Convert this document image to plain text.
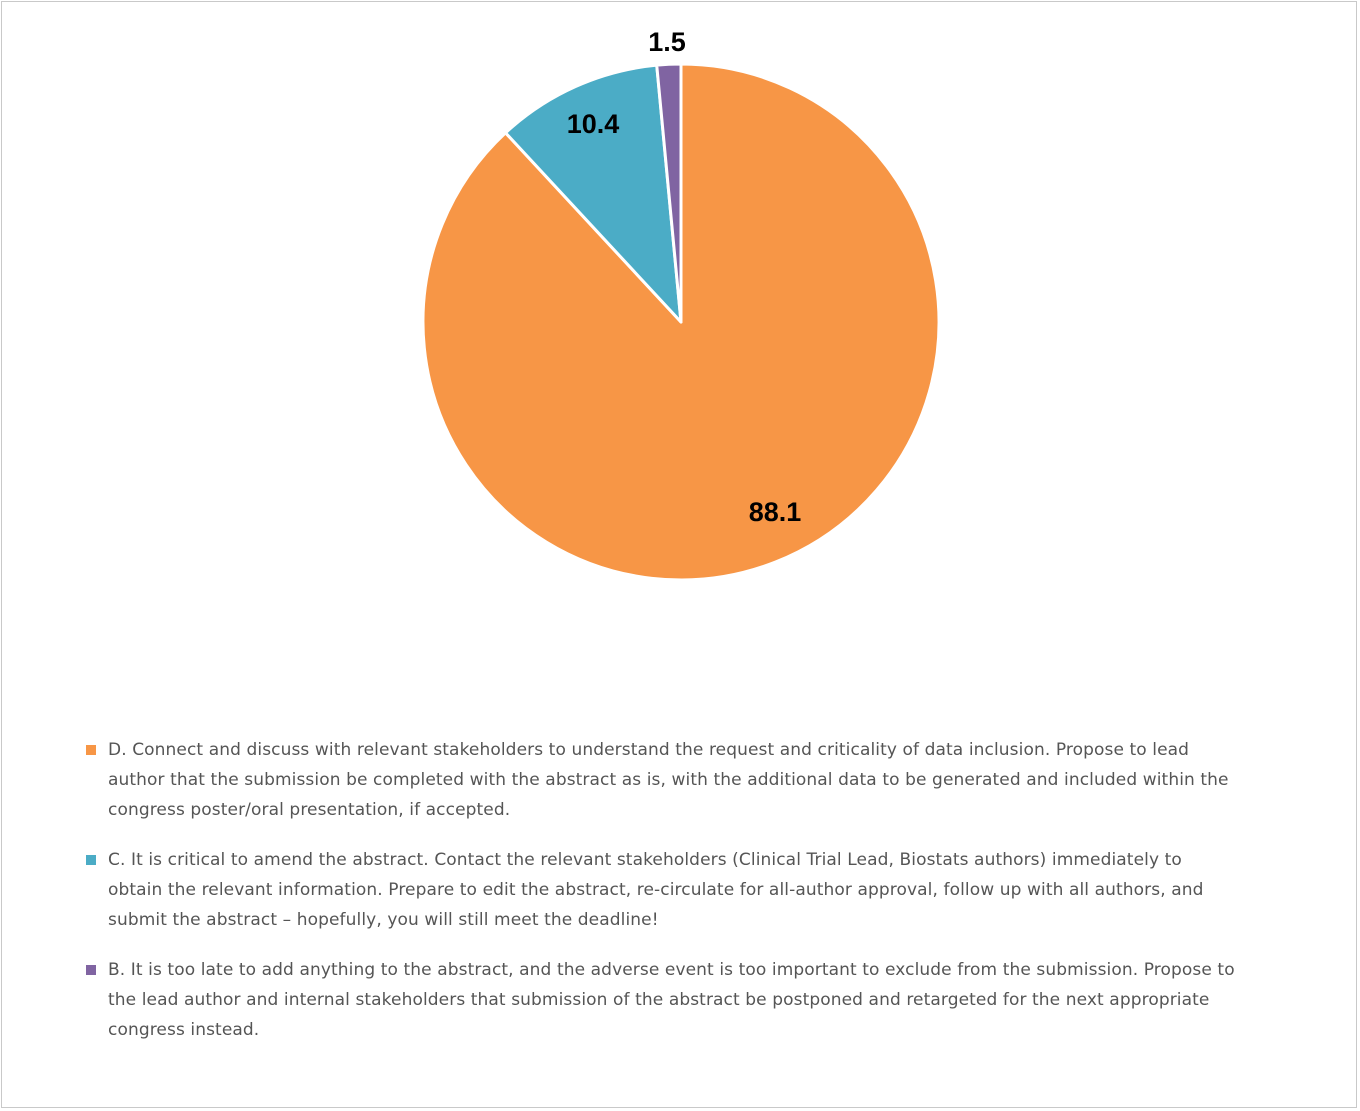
88.1
10.4
1.5
D. Connect and discuss with relevant stakeholders to understand the request and criticality of data inclusion. Propose to lead author that the submission be completed with the abstract as is, with the additional data to be generated and included within the congress poster/oral presentation, if accepted.
C. It is critical to amend the abstract. Contact the relevant stakeholders (Clinical Trial Lead, Biostats authors) immediately to obtain the relevant information. Prepare to edit the abstract, re-circulate for all-author approval, follow up with all authors, and submit the abstract – hopefully, you will still meet the deadline!
B. It is too late to add anything to the abstract, and the adverse event is too important to exclude from the submission. Propose to the lead author and internal stakeholders that submission of the abstract be postponed and retargeted for the next appropriate congress instead.
